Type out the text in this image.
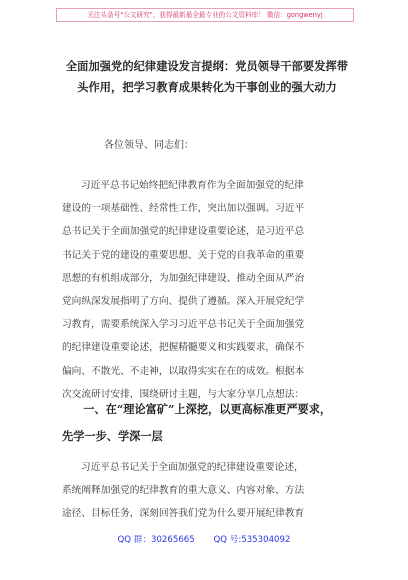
关注头条号"公文研究"，获得最新最全最专业的公文资料库！ 微信：gongwenyj
全面加强党的纪律建设发言提纲：党员领导干部要发挥带
头作用，把学习教育成果转化为干事创业的强大动力
各位领导、同志们：
习近平总书记始终把纪律教育作为全面加强党的纪律
建设的一项基础性、经常性工作，突出加以强调。习近平
总书记关于全面加强党的纪律建设重要论述，是习近平总
书记关于党的建设的重要思想、关于党的自我革命的重要
思想的有机组成部分，为加强纪律建设、推动全面从严治
党向纵深发展指明了方向、提供了遵循。深入开展党纪学
习教育，需要系统深入学习习近平总书记关于全面加强党
的纪律建设重要论述，把握精髓要义和实践要求，确保不
偏向、不散光、不走神，以取得实实在在的成效。根据本
次交流研讨安排，围绕研讨主题，与大家分享几点想法：
一、在“理论富矿”上深挖，以更高标准更严要求，
先学一步、学深一层
习近平总书记关于全面加强党的纪律建设重要论述，
系统阐释加强党的纪律教育的重大意义、内容对象、方法
途径、目标任务，深刻回答我们党为什么要开展纪律教育
QQ 群：30265665 QQ 号:535304092
